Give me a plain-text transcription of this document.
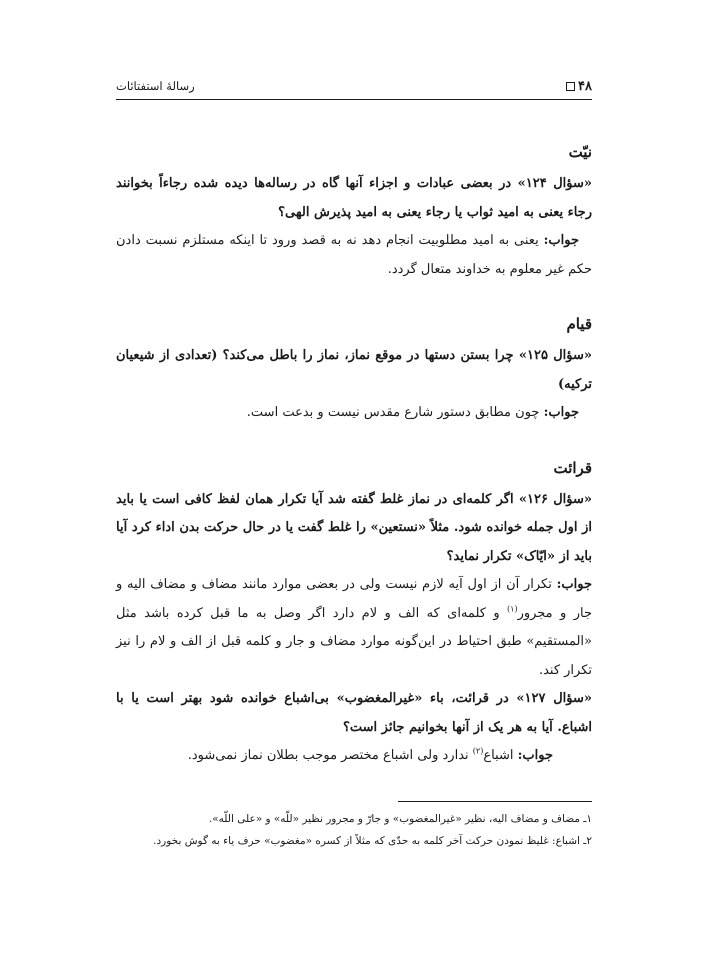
۴۸
رسالهٔ استفتائات
نیّت

«سؤال ۱۲۴» در بعضی عبادات و اجزاء آنها گاه در رساله‌ها دیده شده رجاءاً بخوانند رجاء یعنی به امید ثواب یا رجاء یعنی به امید پذیرش الهی؟

 جواب: یعنی به امید مطلوبیت انجام دهد نه به قصد ورود تا اینکه مستلزم نسبت دادن حکم غیر معلوم به خداوند متعال گردد.

قیام

«سؤال ۱۲۵» چرا بستن دستها در موقع نماز، نماز را باطل می‌کند؟ (تعدادی از شیعیان ترکیه)

 جواب: چون مطابق دستور شارع مقدس نیست و بدعت است.

قرائت

«سؤال ۱۲۶» اگر کلمه‌ای در نماز غلط گفته شد آیا تکرار همان لفظ کافی است یا باید از اول جمله خوانده شود. مثلاً «نستعین» را غلط گفت یا در حال حرکت بدن اداء کرد آیا باید از «ایّاک» تکرار نماید؟

جواب: تکرار آن از اول آیه لازم نیست ولی در بعضی موارد مانند مضاف و مضاف الیه و جار و مجرور$^{(۱)}$ و کلمه‌ای که الف و لام دارد اگر وصل به ما قبل کرده باشد مثل «المستقیم» طبق احتیاط در این‌گونه موارد مضاف و جار و کلمه قبل از الف و لام را نیز تکرار کند.

«سؤال ۱۲۷» در قرائت، باء «غیرالمغضوب» بی‌اشباع خوانده شود بهتر است یا با اشباع. آیا به هر یک از آنها بخوانیم جائز است؟

   جواب: اشباع$^{(۲)}$ ندارد ولی اشباع مختصر موجب بطلان نماز نمی‌شود.

۱ـ مضاف و مضاف الیه، نظیر «غیرالمغضوب» و جارّ و مجرور نظیر «للّه» و «علی اللّه».

۲ـ اشباع: غلیظ نمودن حرکت آخر کلمه به حدّی که مثلاً از کسره «مغضوب» حرف یاء به گوش بخورد.
